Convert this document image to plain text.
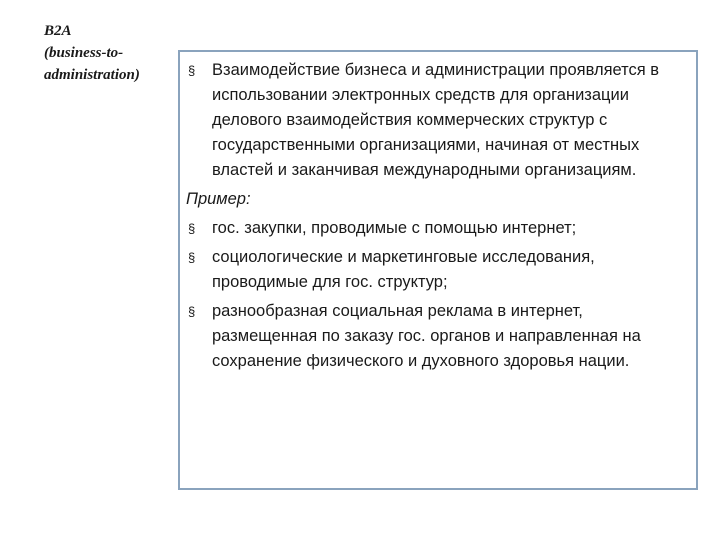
B2A
(business-to-
administration)	§	Взаимодействие бизнеса и администрации проявляется в использовании электронных средств для организации делового взаимодействия коммерческих структур с государственными организациями, начиная от местных властей и заканчивая международными организациям.
Пример:
§	гос. закупки, проводимые с помощью интернет;
§	социологические и маркетинговые исследования, проводимые для гос. структур;
§	разнообразная социальная реклама в интернет, размещенная по заказу гос. органов и направленная на сохранение физического и духовного здоровья нации.
